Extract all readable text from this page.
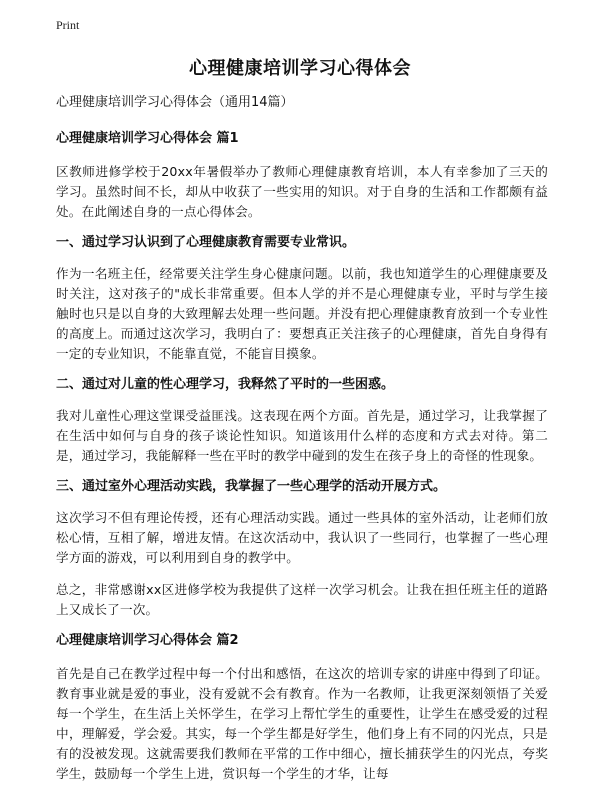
Print
心理健康培训学习心得体会

心理健康培训学习心得体会（通用14篇）

心理健康培训学习心得体会 篇1

区教师进修学校于20xx年暑假举办了教师心理健康教育培训，本人有幸参加了三天的学习。虽然时间不长，却从中收获了一些实用的知识。对于自身的生活和工作都颇有益处。在此阐述自身的一点心得体会。

一、通过学习认识到了心理健康教育需要专业常识。

作为一名班主任，经常要关注学生身心健康问题。以前，我也知道学生的心理健康要及时关注，这对孩子的"成长非常重要。但本人学的并不是心理健康专业，平时与学生接触时也只是以自身的大致理解去处理一些问题。并没有把心理健康教育放到一个专业性的高度上。而通过这次学习，我明白了：要想真正关注孩子的心理健康，首先自身得有一定的专业知识，不能靠直觉，不能盲目摸象。

二、通过对儿童的性心理学习，我释然了平时的一些困惑。

我对儿童性心理这堂课受益匪浅。这表现在两个方面。首先是，通过学习，让我掌握了在生活中如何与自身的孩子谈论性知识。知道该用什么样的态度和方式去对待。第二是，通过学习，我能解释一些在平时的教学中碰到的发生在孩子身上的奇怪的性现象。

三、通过室外心理活动实践，我掌握了一些心理学的活动开展方式。

这次学习不但有理论传授，还有心理活动实践。通过一些具体的室外活动，让老师们放松心情，互相了解，增进友情。在这次活动中，我认识了一些同行，也掌握了一些心理学方面的游戏，可以利用到自身的教学中。

总之，非常感谢xx区进修学校为我提供了这样一次学习机会。让我在担任班主任的道路上又成长了一次。

心理健康培训学习心得体会 篇2

首先是自己在教学过程中每一个付出和感悟，在这次的培训专家的讲座中得到了印证。教育事业就是爱的事业，没有爱就不会有教育。作为一名教师，让我更深刻领悟了关爱每一个学生，在生活上关怀学生，在学习上帮忙学生的重要性，让学生在感受爱的过程中，理解爱，学会爱。其实，每一个学生都是好学生，他们身上有不同的闪光点，只是有的没被发现。这就需要我们教师在平常的工作中细心，擅长捕获学生的闪光点，夸奖学生，鼓励每一个学生上进，赏识每一个学生的才华，让每
